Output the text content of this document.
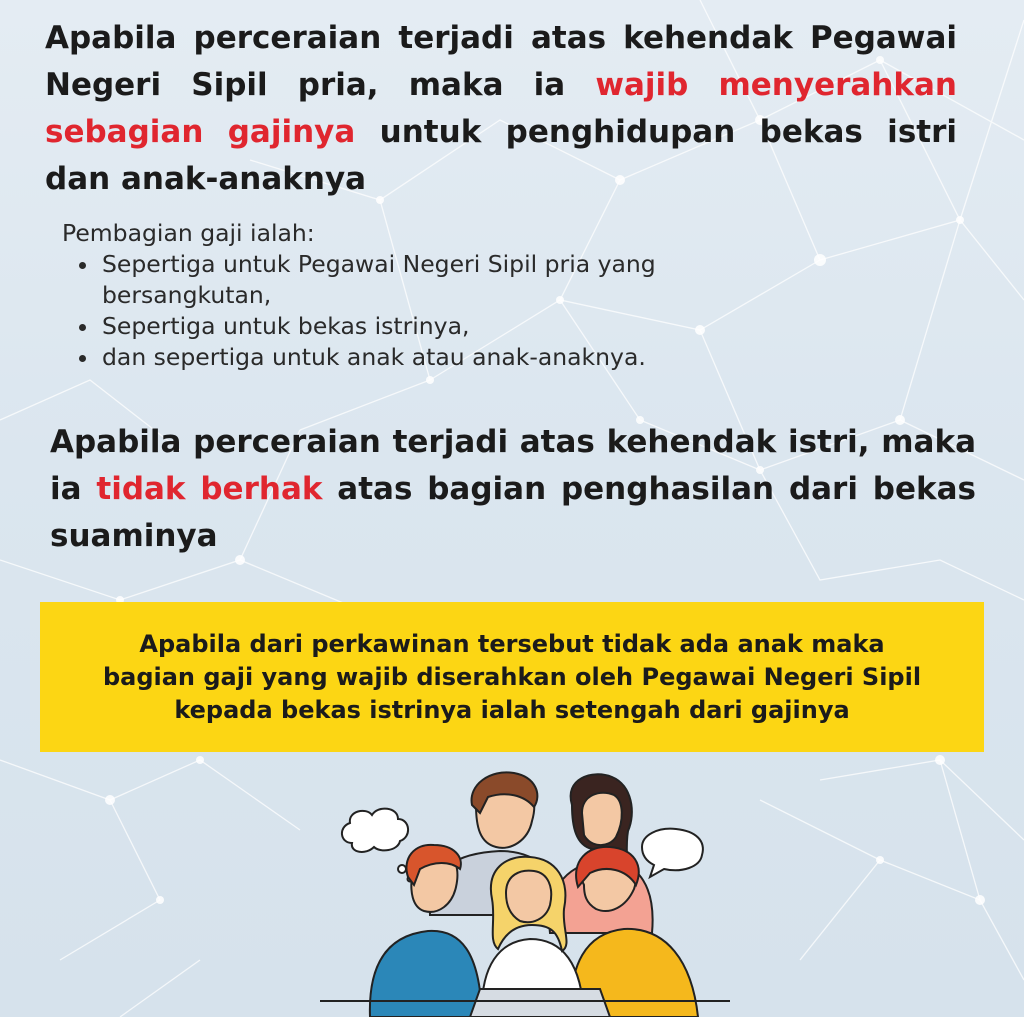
Apabila perceraian terjadi atas kehendak Pegawai Negeri Sipil pria, maka ia wajib menyerahkan sebagian gajinya untuk penghidupan bekas istri dan anak-anaknya

Pembagian gaji ialah:

• Sepertiga untuk Pegawai Negeri Sipil pria yang bersangkutan,
• Sepertiga untuk bekas istrinya,
• dan sepertiga untuk anak atau anak-anaknya.

Apabila perceraian terjadi atas kehendak istri, maka ia tidak berhak atas bagian penghasilan dari bekas suaminya

Apabila dari perkawinan tersebut tidak ada anak maka bagian gaji yang wajib diserahkan oleh Pegawai Negeri Sipil kepada bekas istrinya ialah setengah dari gajinya
